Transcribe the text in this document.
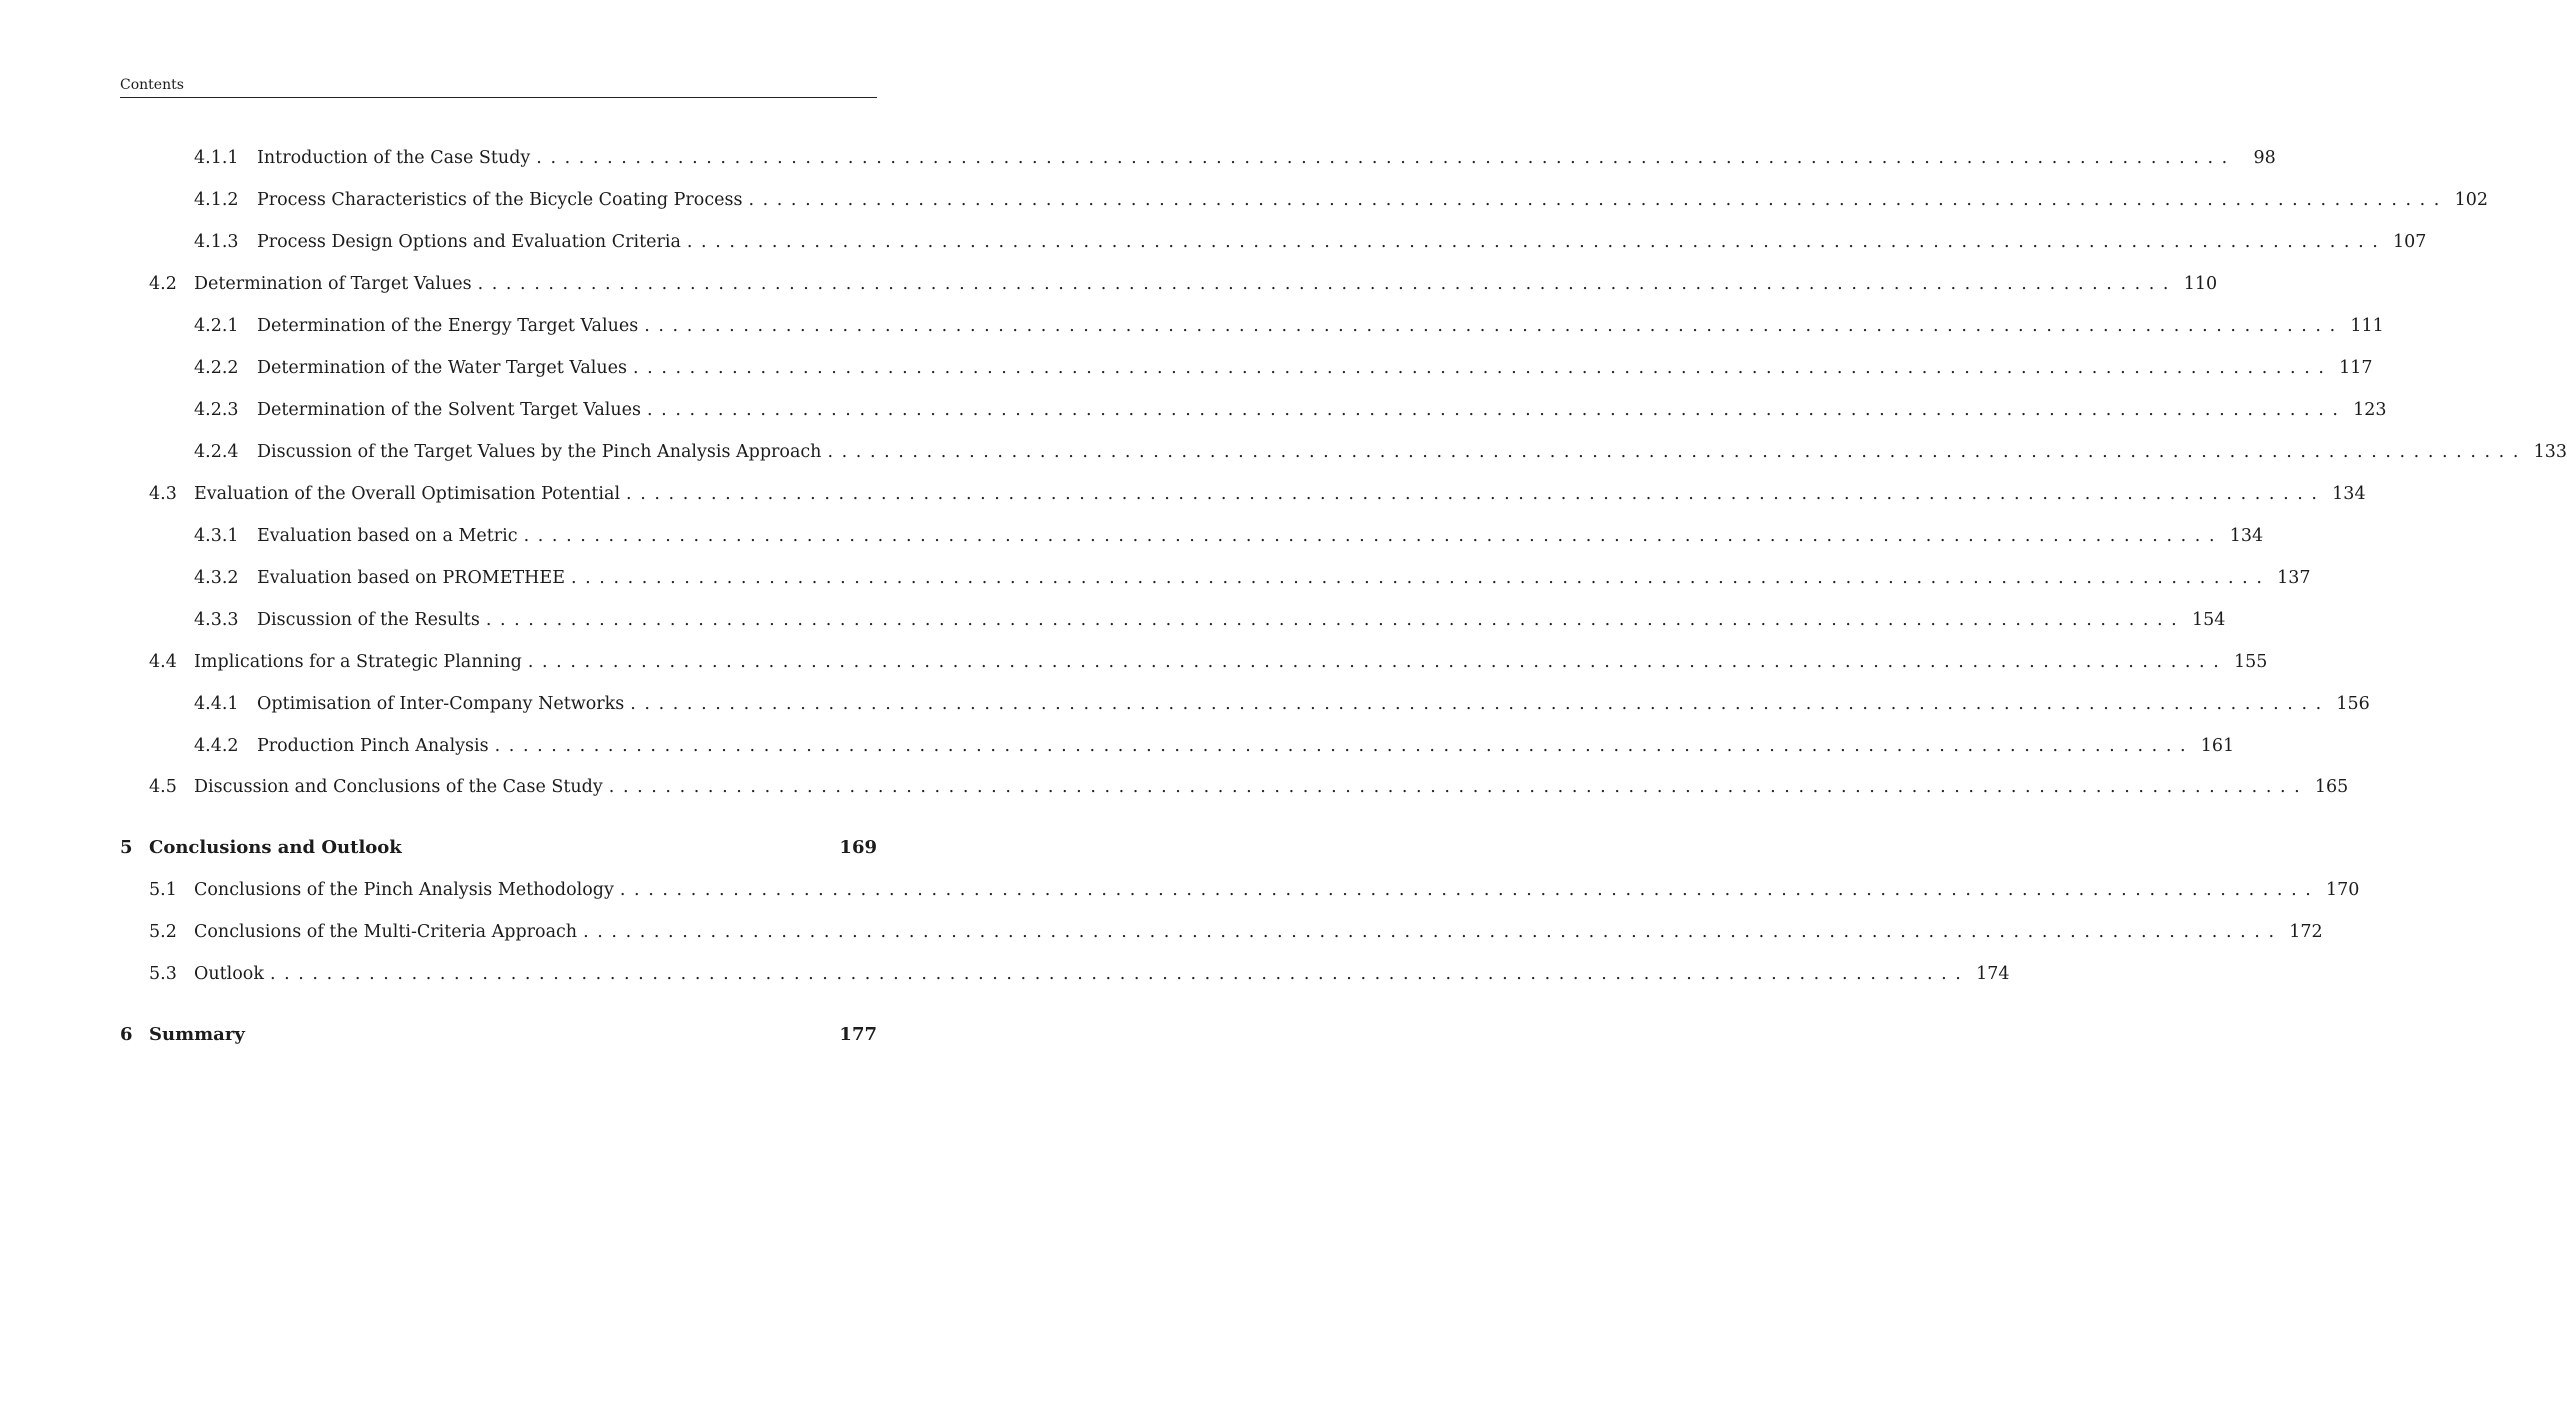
Contents
4.1.1 Introduction of the Case Study ........................................................................................................................	98
4.1.2 Process Characteristics of the Bicycle Coating Process ........................................................................................................................ 102
4.1.3 Process Design Options and Evaluation Criteria ........................................................................................................................ 107
4.2 Determination of Target Values ........................................................................................................................ 110
4.2.1 Determination of the Energy Target Values ........................................................................................................................ 111
4.2.2 Determination of the Water Target Values ........................................................................................................................ 117
4.2.3 Determination of the Solvent Target Values ........................................................................................................................ 123
4.2.4 Discussion of the Target Values by the Pinch Analysis Approach ........................................................................................................................ 133
4.3 Evaluation of the Overall Optimisation Potential ........................................................................................................................ 134
4.3.1 Evaluation based on a Metric ........................................................................................................................ 134
4.3.2 Evaluation based on PROMETHEE ........................................................................................................................ 137
4.3.3 Discussion of the Results ........................................................................................................................ 154
4.4 Implications for a Strategic Planning ........................................................................................................................ 155
4.4.1 Optimisation of Inter-Company Networks ........................................................................................................................ 156
4.4.2 Production Pinch Analysis ........................................................................................................................ 161
4.5 Discussion and Conclusions of the Case Study ........................................................................................................................ 165
5 Conclusions and Outlook	169
5.1 Conclusions of the Pinch Analysis Methodology ........................................................................................................................ 170
5.2 Conclusions of the Multi-Criteria Approach ........................................................................................................................ 172
5.3 Outlook ........................................................................................................................ 174
6 Summary	177
